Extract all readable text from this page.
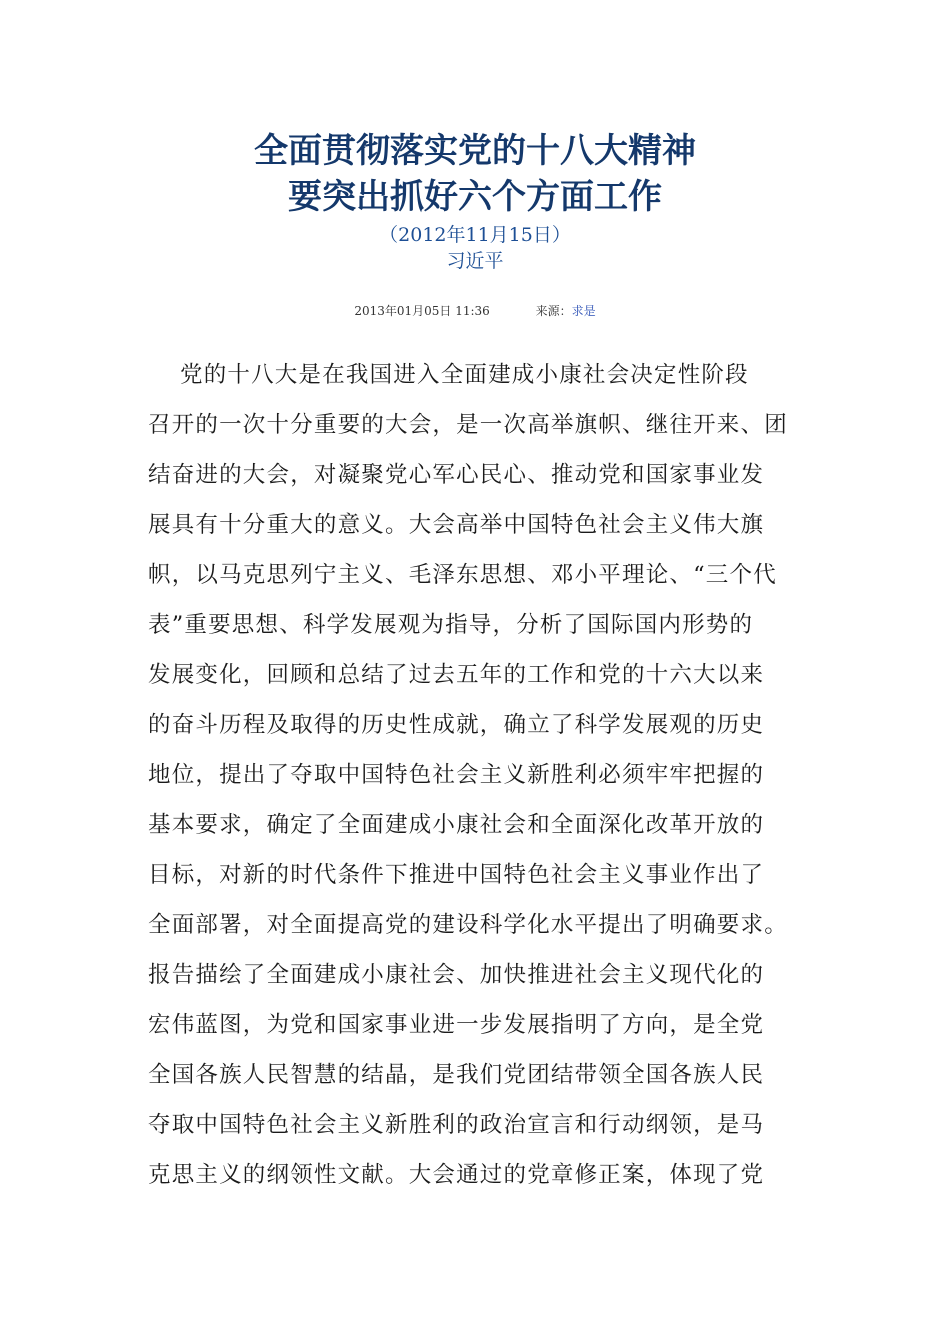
全面贯彻落实党的十八大精神
要突出抓好六个方面工作
（2012年11月15日）
习近平
2013年01月05日 11:36	来源：求是
党的十八大是在我国进入全面建成小康社会决定性阶段
召开的一次十分重要的大会，是一次高举旗帜、继往开来、团
结奋进的大会，对凝聚党心军心民心、推动党和国家事业发
展具有十分重大的意义。大会高举中国特色社会主义伟大旗
帜，以马克思列宁主义、毛泽东思想、邓小平理论、“三个代
表”重要思想、科学发展观为指导，分析了国际国内形势的
发展变化，回顾和总结了过去五年的工作和党的十六大以来
的奋斗历程及取得的历史性成就，确立了科学发展观的历史
地位，提出了夺取中国特色社会主义新胜利必须牢牢把握的
基本要求，确定了全面建成小康社会和全面深化改革开放的
目标，对新的时代条件下推进中国特色社会主义事业作出了
全面部署，对全面提高党的建设科学化水平提出了明确要求。
报告描绘了全面建成小康社会、加快推进社会主义现代化的
宏伟蓝图，为党和国家事业进一步发展指明了方向，是全党
全国各族人民智慧的结晶，是我们党团结带领全国各族人民
夺取中国特色社会主义新胜利的政治宣言和行动纲领，是马
克思主义的纲领性文献。大会通过的党章修正案，体现了党
